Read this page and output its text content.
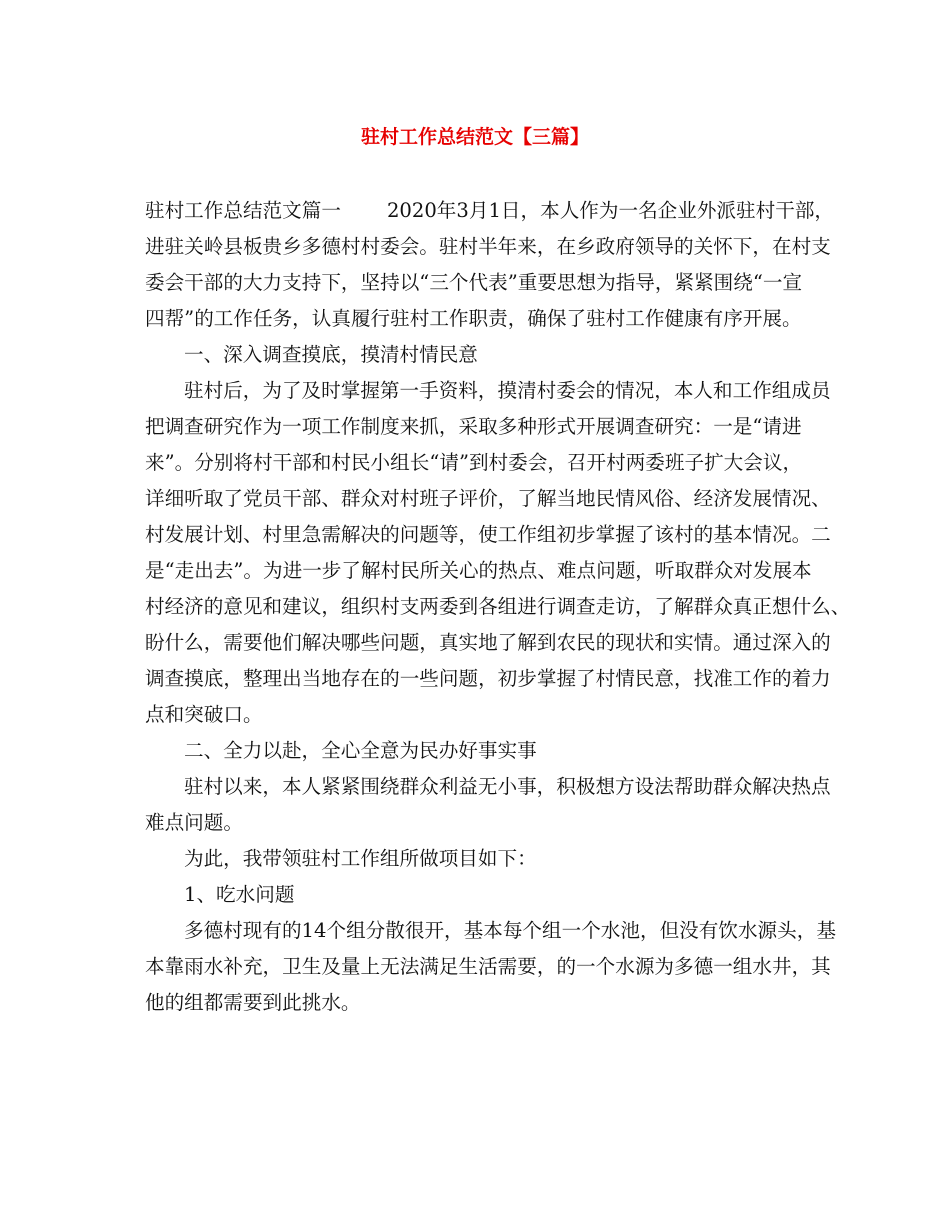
驻村工作总结范文【三篇】

驻村工作总结范文篇一 2020年3月1日，本人作为一名企业外派驻村干部，

进驻关岭县板贵乡多德村村委会。驻村半年来，在乡政府领导的关怀下，在村支

委会干部的大力支持下，坚持以“三个代表”重要思想为指导，紧紧围绕“一宣

四帮”的工作任务，认真履行驻村工作职责，确保了驻村工作健康有序开展。

一、深入调查摸底，摸清村情民意

驻村后，为了及时掌握第一手资料，摸清村委会的情况，本人和工作组成员

把调查研究作为一项工作制度来抓，采取多种形式开展调查研究：一是“请进

来”。分别将村干部和村民小组长“请”到村委会，召开村两委班子扩大会议，

详细听取了党员干部、群众对村班子评价，了解当地民情风俗、经济发展情况、

村发展计划、村里急需解决的问题等，使工作组初步掌握了该村的基本情况。二

是“走出去”。为进一步了解村民所关心的热点、难点问题，听取群众对发展本

村经济的意见和建议，组织村支两委到各组进行调查走访，了解群众真正想什么、

盼什么，需要他们解决哪些问题，真实地了解到农民的现状和实情。通过深入的

调查摸底，整理出当地存在的一些问题，初步掌握了村情民意，找准工作的着力

点和突破口。

二、全力以赴，全心全意为民办好事实事

驻村以来，本人紧紧围绕群众利益无小事，积极想方设法帮助群众解决热点

难点问题。

为此，我带领驻村工作组所做项目如下：

1、吃水问题

多德村现有的14个组分散很开，基本每个组一个水池，但没有饮水源头，基

本靠雨水补充，卫生及量上无法满足生活需要，的一个水源为多德一组水井，其

他的组都需要到此挑水。
